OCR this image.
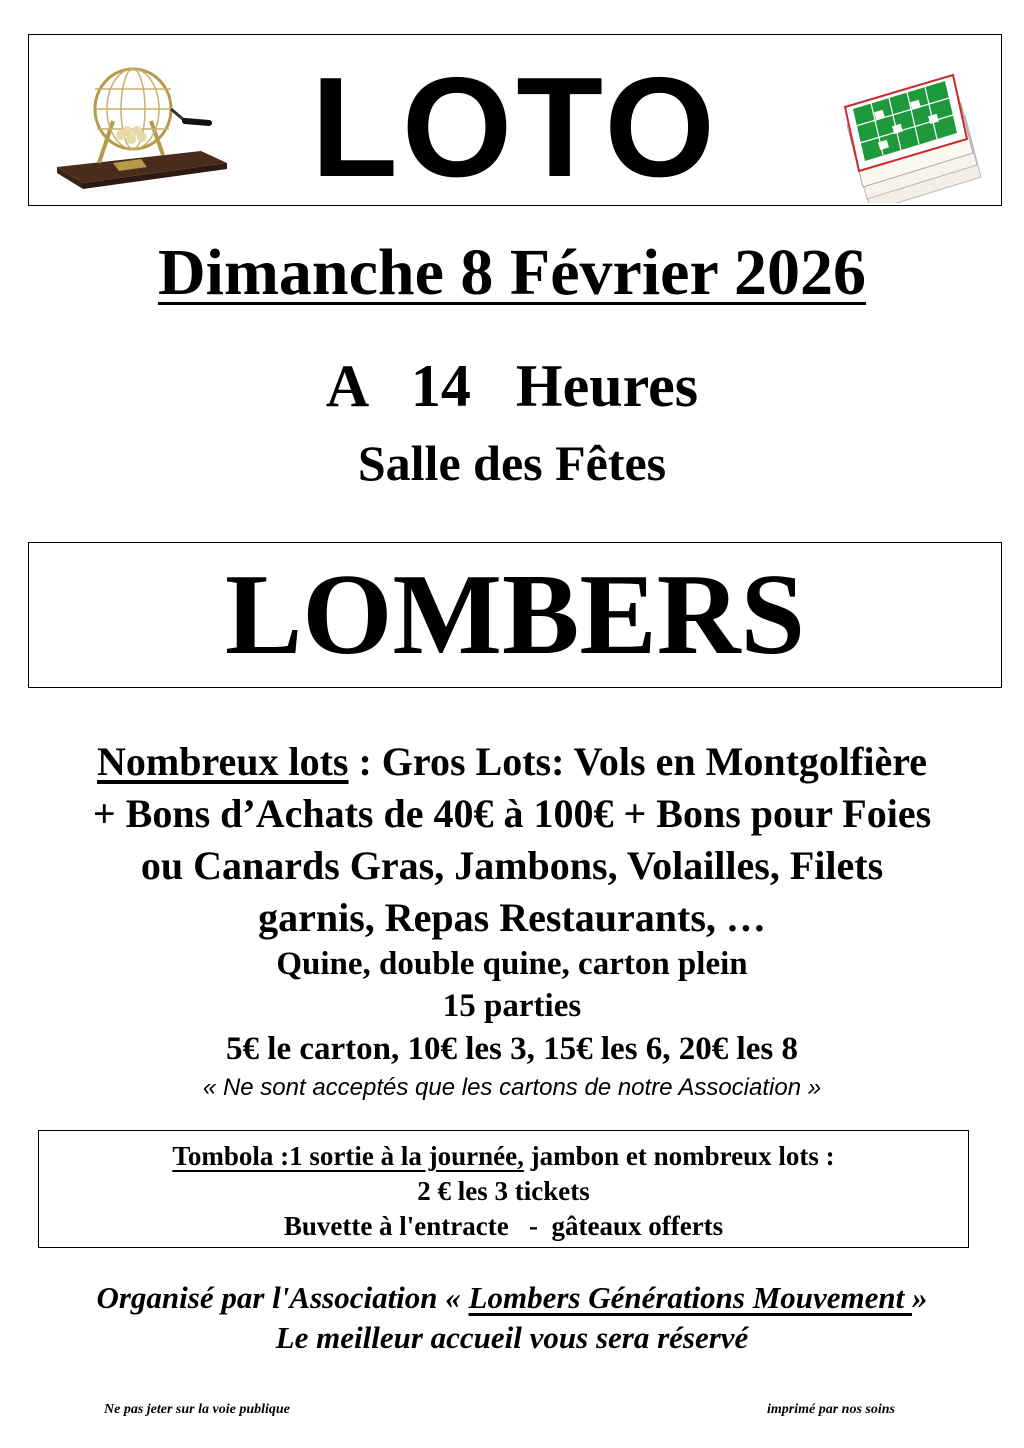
LOTO
Dimanche 8 Février 2026
A   14   Heures
Salle des Fêtes
LOMBERS
Nombreux lots : Gros Lots: Vols en Montgolfière
+ Bons d’Achats de 40€ à 100€ + Bons pour Foies
ou Canards Gras, Jambons, Volailles, Filets
garnis, Repas Restaurants, …
Quine, double quine, carton plein
15 parties
5€ le carton, 10€ les 3, 15€ les 6, 20€ les 8
« Ne sont acceptés que les cartons de notre Association »
Tombola :1 sortie à la journée, jambon et nombreux lots :
2 € les 3 tickets
Buvette à l'entracte   -  gâteaux offerts
Organisé par l'Association « Lombers Générations Mouvement »
Le meilleur accueil vous sera réservé
Ne pas jeter sur la voie publique	imprimé par nos soins
